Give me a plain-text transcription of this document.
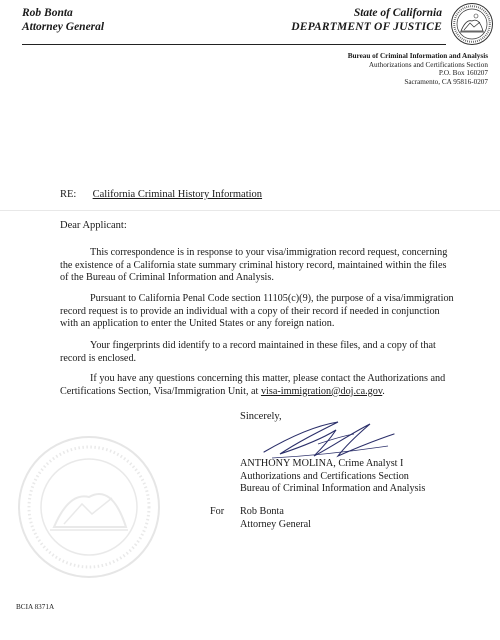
Rob Bonta
Attorney General
State of California
DEPARTMENT OF JUSTICE
Bureau of Criminal Information and Analysis
Authorizations and Certifications Section
P.O. Box 160207
Sacramento, CA 95816-0207
RE: California Criminal History Information
Dear Applicant:
This correspondence is in response to your visa/immigration record request, concerning the existence of a California state summary criminal history record, maintained within the files of the Bureau of Criminal Information and Analysis.
Pursuant to California Penal Code section 11105(c)(9), the purpose of a visa/immigration record request is to provide an individual with a copy of their record if needed in conjunction with an application to enter the United States or any foreign nation.
Your fingerprints did identify to a record maintained in these files, and a copy of that record is enclosed.
If you have any questions concerning this matter, please contact the Authorizations and Certifications Section, Visa/Immigration Unit, at visa-immigration@doj.ca.gov.
Sincerely,
ANTHONY MOLINA, Crime Analyst I
Authorizations and Certifications Section
Bureau of Criminal Information and Analysis
For Rob Bonta
Attorney General
BCIA 8371A
